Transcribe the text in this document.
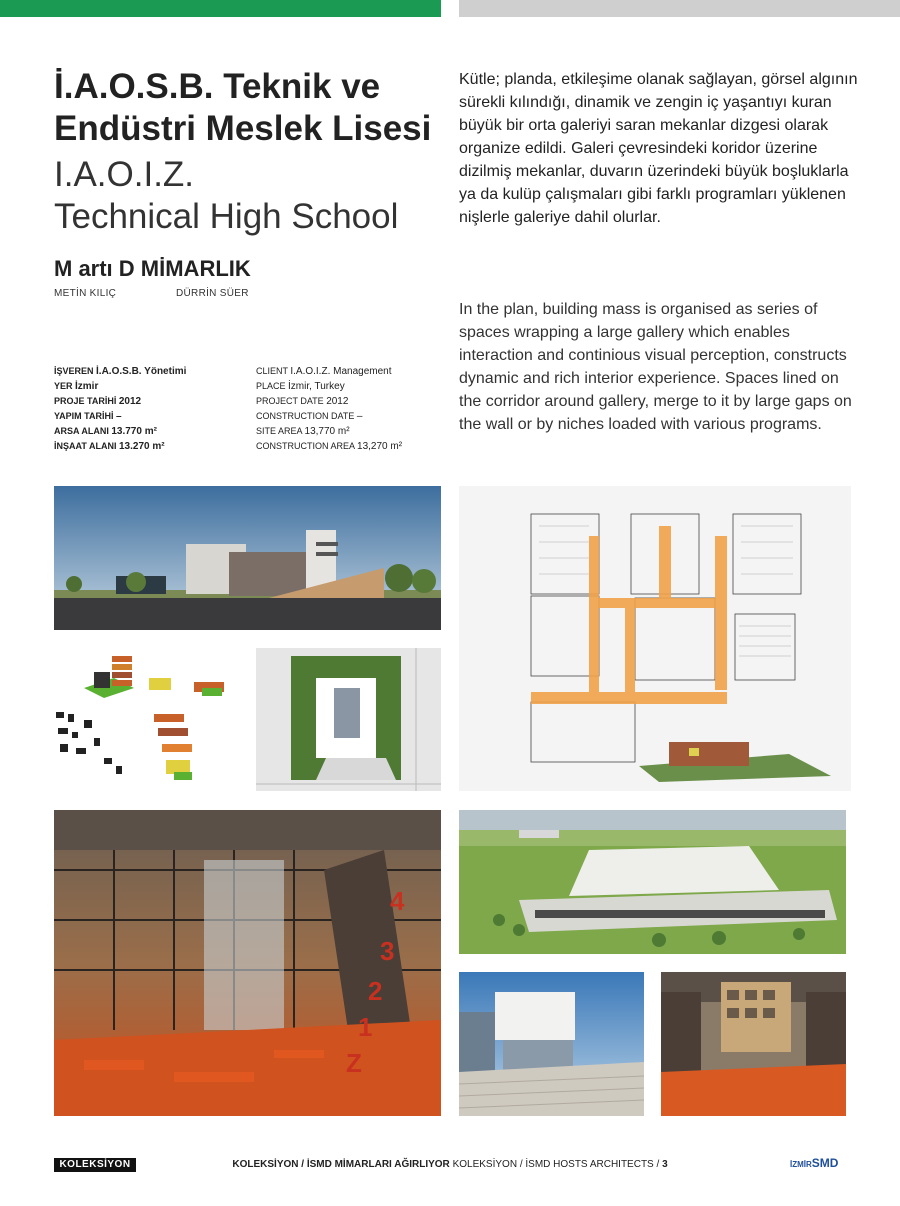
İ.A.O.S.B. Teknik ve
Endüstri Meslek Lisesi
I.A.O.I.Z.
Technical High School
M artı D MİMARLIK
METİN KILIÇ	DÜRRİN SÜER
İŞVEREN İ.A.O.S.B. Yönetimi
YER İzmir
PROJE TARİHİ 2012
YAPIM TARİHİ –
ARSA ALANI 13.770 m²
İNŞAAT ALANI 13.270 m²
CLIENT I.A.O.I.Z. Management
PLACE İzmir, Turkey
PROJECT DATE 2012
CONSTRUCTION DATE –
SITE AREA 13,770 m²
CONSTRUCTION AREA 13,270 m²
Kütle; planda, etkileşime olanak sağlayan, görsel algının sürekli kılındığı, dinamik ve zengin iç yaşantıyı kuran büyük bir orta galeriyi saran mekanlar dizgesi olarak organize edildi. Galeri çevresindeki koridor üzerine dizilmiş mekanlar, duvarın üzerindeki büyük boşluklarla ya da kulüp çalışmaları gibi farklı programları yüklenen nişlerle galeriye dahil olurlar.
In the plan, building mass is organised as series of spaces wrapping a large gallery which enables interaction and continious visual perception, constructs dynamic and rich interior experience. Spaces lined on the corridor around gallery, merge to it by large gaps on the wall or by niches loaded with various programs.
4
3
2
1
Z
KOLEKSİYON	KOLEKSİYON / İSMD MİMARLARI AĞIRLIYOR KOLEKSİYON / İSMD HOSTS ARCHITECTS / 3	İZMİRSMD
